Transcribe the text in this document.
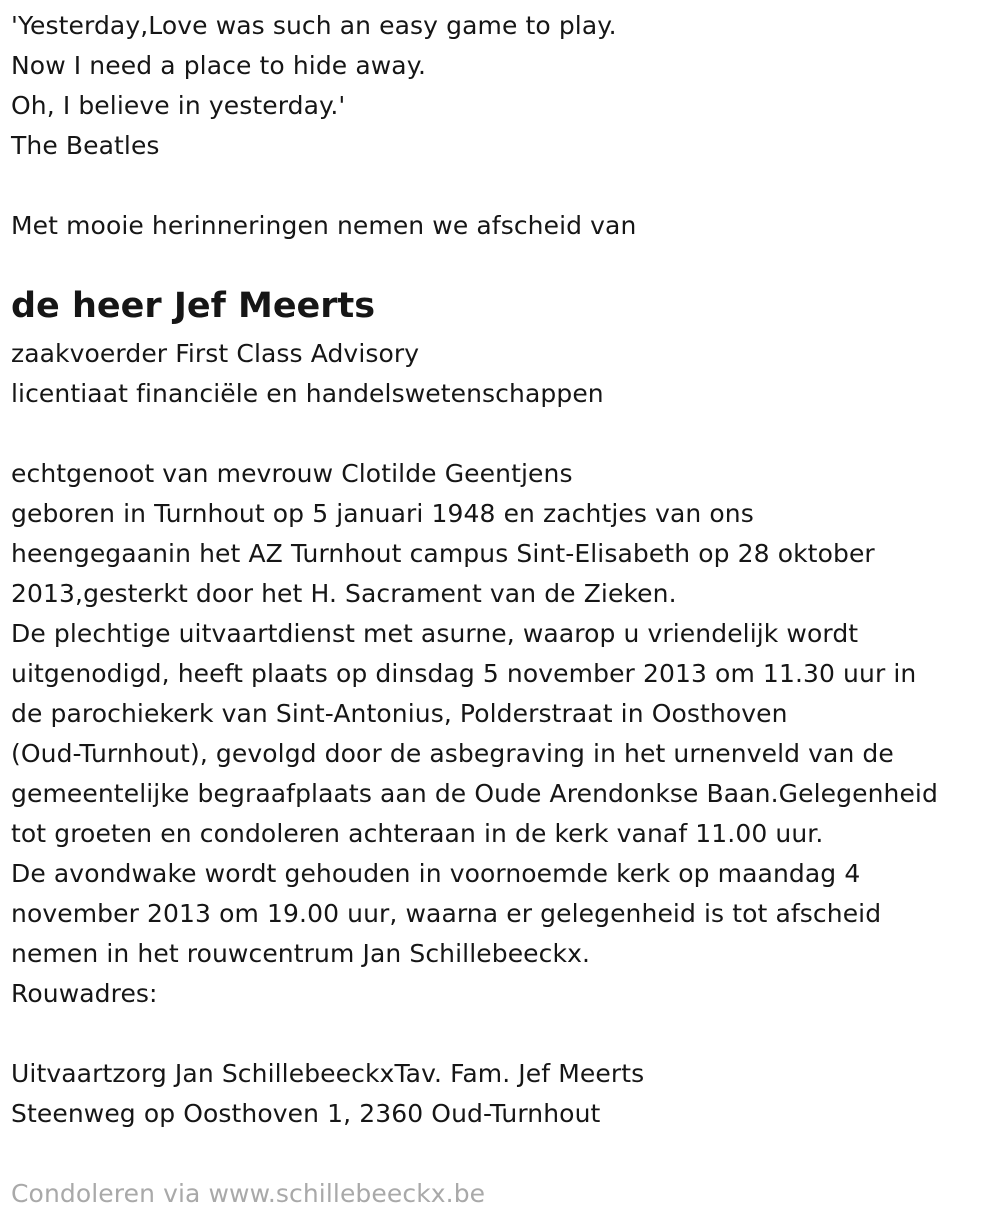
'Yesterday,Love was such an easy game to play.
Now I need a place to hide away.
Oh, I believe in yesterday.'
The Beatles
Met mooie herinneringen nemen we afscheid van
de heer Jef Meerts
zaakvoerder First Class Advisory
licentiaat financiële en handelswetenschappen
echtgenoot van mevrouw Clotilde Geentjens
geboren in Turnhout op 5 januari 1948 en zachtjes van ons
heengegaanin het AZ Turnhout campus Sint-Elisabeth op 28 oktober
2013,gesterkt door het H. Sacrament van de Zieken.
De plechtige uitvaartdienst met asurne, waarop u vriendelijk wordt
uitgenodigd, heeft plaats op dinsdag 5 november 2013 om 11.30 uur in
de parochiekerk van Sint-Antonius, Polderstraat in Oosthoven
(Oud-Turnhout), gevolgd door de asbegraving in het urnenveld van de
gemeentelijke begraafplaats aan de Oude Arendonkse Baan.Gelegenheid
tot groeten en condoleren achteraan in de kerk vanaf 11.00 uur.
De avondwake wordt gehouden in voornoemde kerk op maandag 4
november 2013 om 19.00 uur, waarna er gelegenheid is tot afscheid
nemen in het rouwcentrum Jan Schillebeeckx.
Rouwadres:
Uitvaartzorg Jan SchillebeeckxTav. Fam. Jef Meerts
Steenweg op Oosthoven 1, 2360 Oud-Turnhout
Condoleren via www.schillebeeckx.be
